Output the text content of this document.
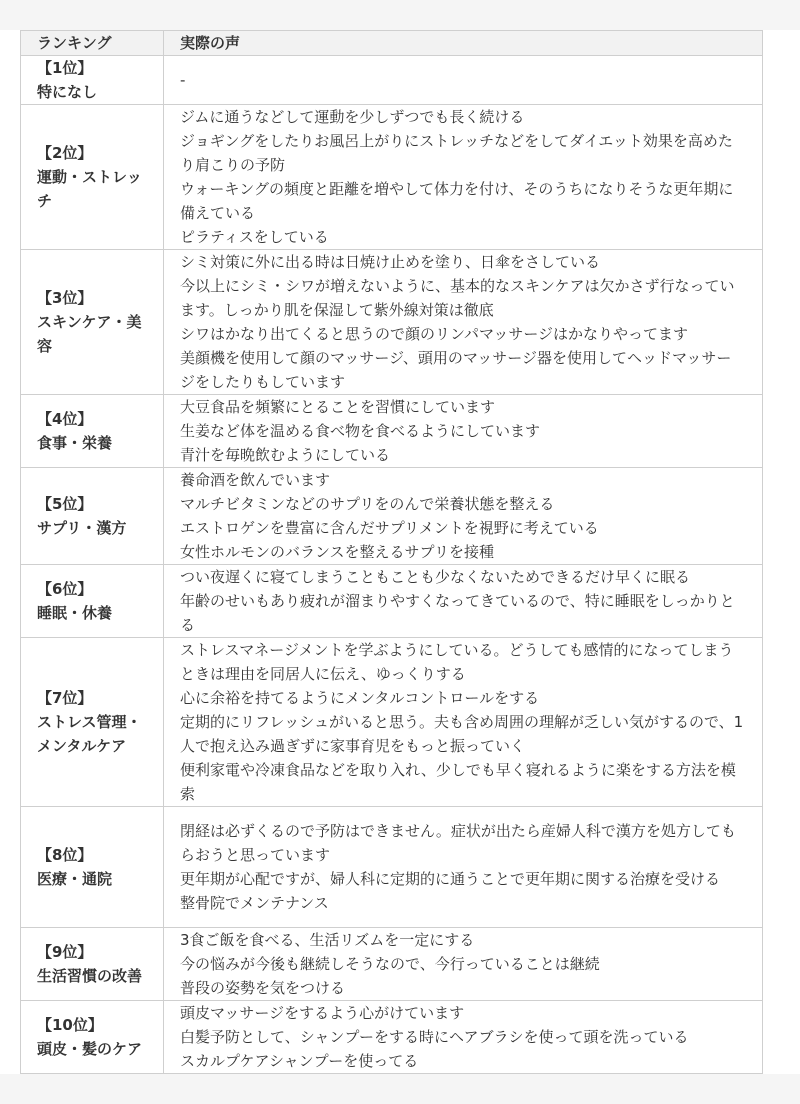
ランキング	実際の声

【1位】
特になし	-

【2位】
運動・ストレッチ	ジムに通うなどして運動を少しずつでも長く続ける
ジョギングをしたりお風呂上がりにストレッチなどをしてダイエット効果を高めたり肩こりの予防
ウォーキングの頻度と距離を増やして体力を付け、そのうちになりそうな更年期に備えている
ピラティスをしている

【3位】
スキンケア・美容	シミ対策に外に出る時は日焼け止めを塗り、日傘をさしている
今以上にシミ・シワが増えないように、基本的なスキンケアは欠かさず行なっています。しっかり肌を保湿して紫外線対策は徹底
シワはかなり出てくると思うので顔のリンパマッサージはかなりやってます
美顔機を使用して顔のマッサージ、頭用のマッサージ器を使用してヘッドマッサージをしたりもしています

【4位】
食事・栄養	大豆食品を頻繁にとることを習慣にしています
生姜など体を温める食べ物を食べるようにしています
青汁を毎晩飲むようにしている

【5位】
サプリ・漢方	養命酒を飲んでいます
マルチビタミンなどのサプリをのんで栄養状態を整える
エストロゲンを豊富に含んだサプリメントを視野に考えている
女性ホルモンのバランスを整えるサプリを接種

【6位】
睡眠・休養	つい夜遅くに寝てしまうこともことも少なくないためできるだけ早くに眠る
年齢のせいもあり疲れが溜まりやすくなってきているので、特に睡眠をしっかりとる

【7位】
ストレス管理・メンタルケア	ストレスマネージメントを学ぶようにしている。どうしても感情的になってしまうときは理由を同居人に伝え、ゆっくりする
心に余裕を持てるようにメンタルコントロールをする
定期的にリフレッシュがいると思う。夫も含め周囲の理解が乏しい気がするので、1人で抱え込み過ぎずに家事育児をもっと振っていく
便利家電や冷凍食品などを取り入れ、少しでも早く寝れるように楽をする方法を模索

【8位】
医療・通院	閉経は必ずくるので予防はできません。症状が出たら産婦人科で漢方を処方してもらおうと思っています
更年期が心配ですが、婦人科に定期的に通うことで更年期に関する治療を受ける
整骨院でメンテナンス

【9位】
生活習慣の改善	3食ご飯を食べる、生活リズムを一定にする
今の悩みが今後も継続しそうなので、今行っていることは継続
普段の姿勢を気をつける

【10位】
頭皮・髪のケア	頭皮マッサージをするよう心がけています
白髪予防として、シャンプーをする時にヘアブラシを使って頭を洗っている
スカルプケアシャンプーを使ってる
